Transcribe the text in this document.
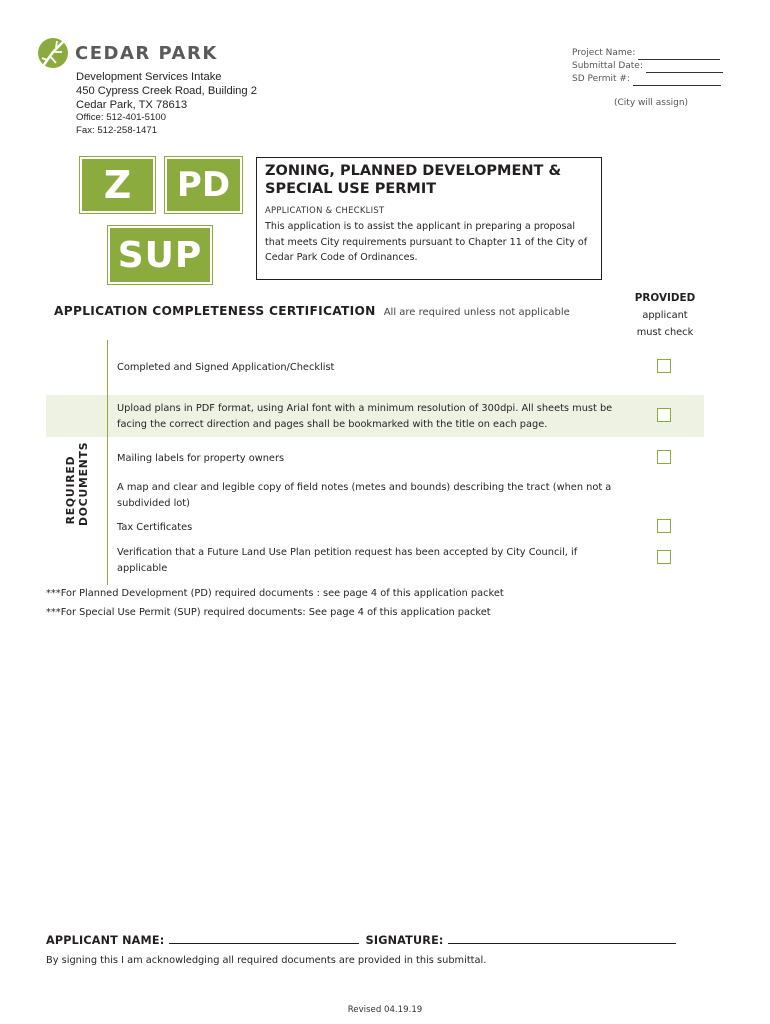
CEDAR PARK
Development Services Intake
450 Cypress Creek Road, Building 2
Cedar Park, TX 78613
Office: 512-401-5100
Fax: 512-258-1471
Project Name:
Submittal Date:
SD Permit #:
(City will assign)
Z	PD
SUP
ZONING, PLANNED DEVELOPMENT &
SPECIAL USE PERMIT
APPLICATION & CHECKLIST
This application is to assist the applicant in preparing a proposal that meets City requirements pursuant to Chapter 11 of the City of Cedar Park Code of Ordinances.
APPLICATION COMPLETENESS CERTIFICATION All are required unless not applicable
PROVIDED
applicant
must check
REQUIRED DOCUMENTS
Completed and Signed Application/Checklist
Upload plans in PDF format, using Arial font with a minimum resolution of 300dpi. All sheets must be facing the correct direction and pages shall be bookmarked with the title on each page.
Mailing labels for property owners
A map and clear and legible copy of field notes (metes and bounds) describing the tract (when not a subdivided lot)
Tax Certificates
Verification that a Future Land Use Plan petition request has been accepted by City Council, if applicable
***For Planned Development (PD) required documents : see page 4 of this application packet
***For Special Use Permit (SUP) required documents: See page 4 of this application packet
APPLICANT NAME:	SIGNATURE:
By signing this I am acknowledging all required documents are provided in this submittal.
Revised 04.19.19
